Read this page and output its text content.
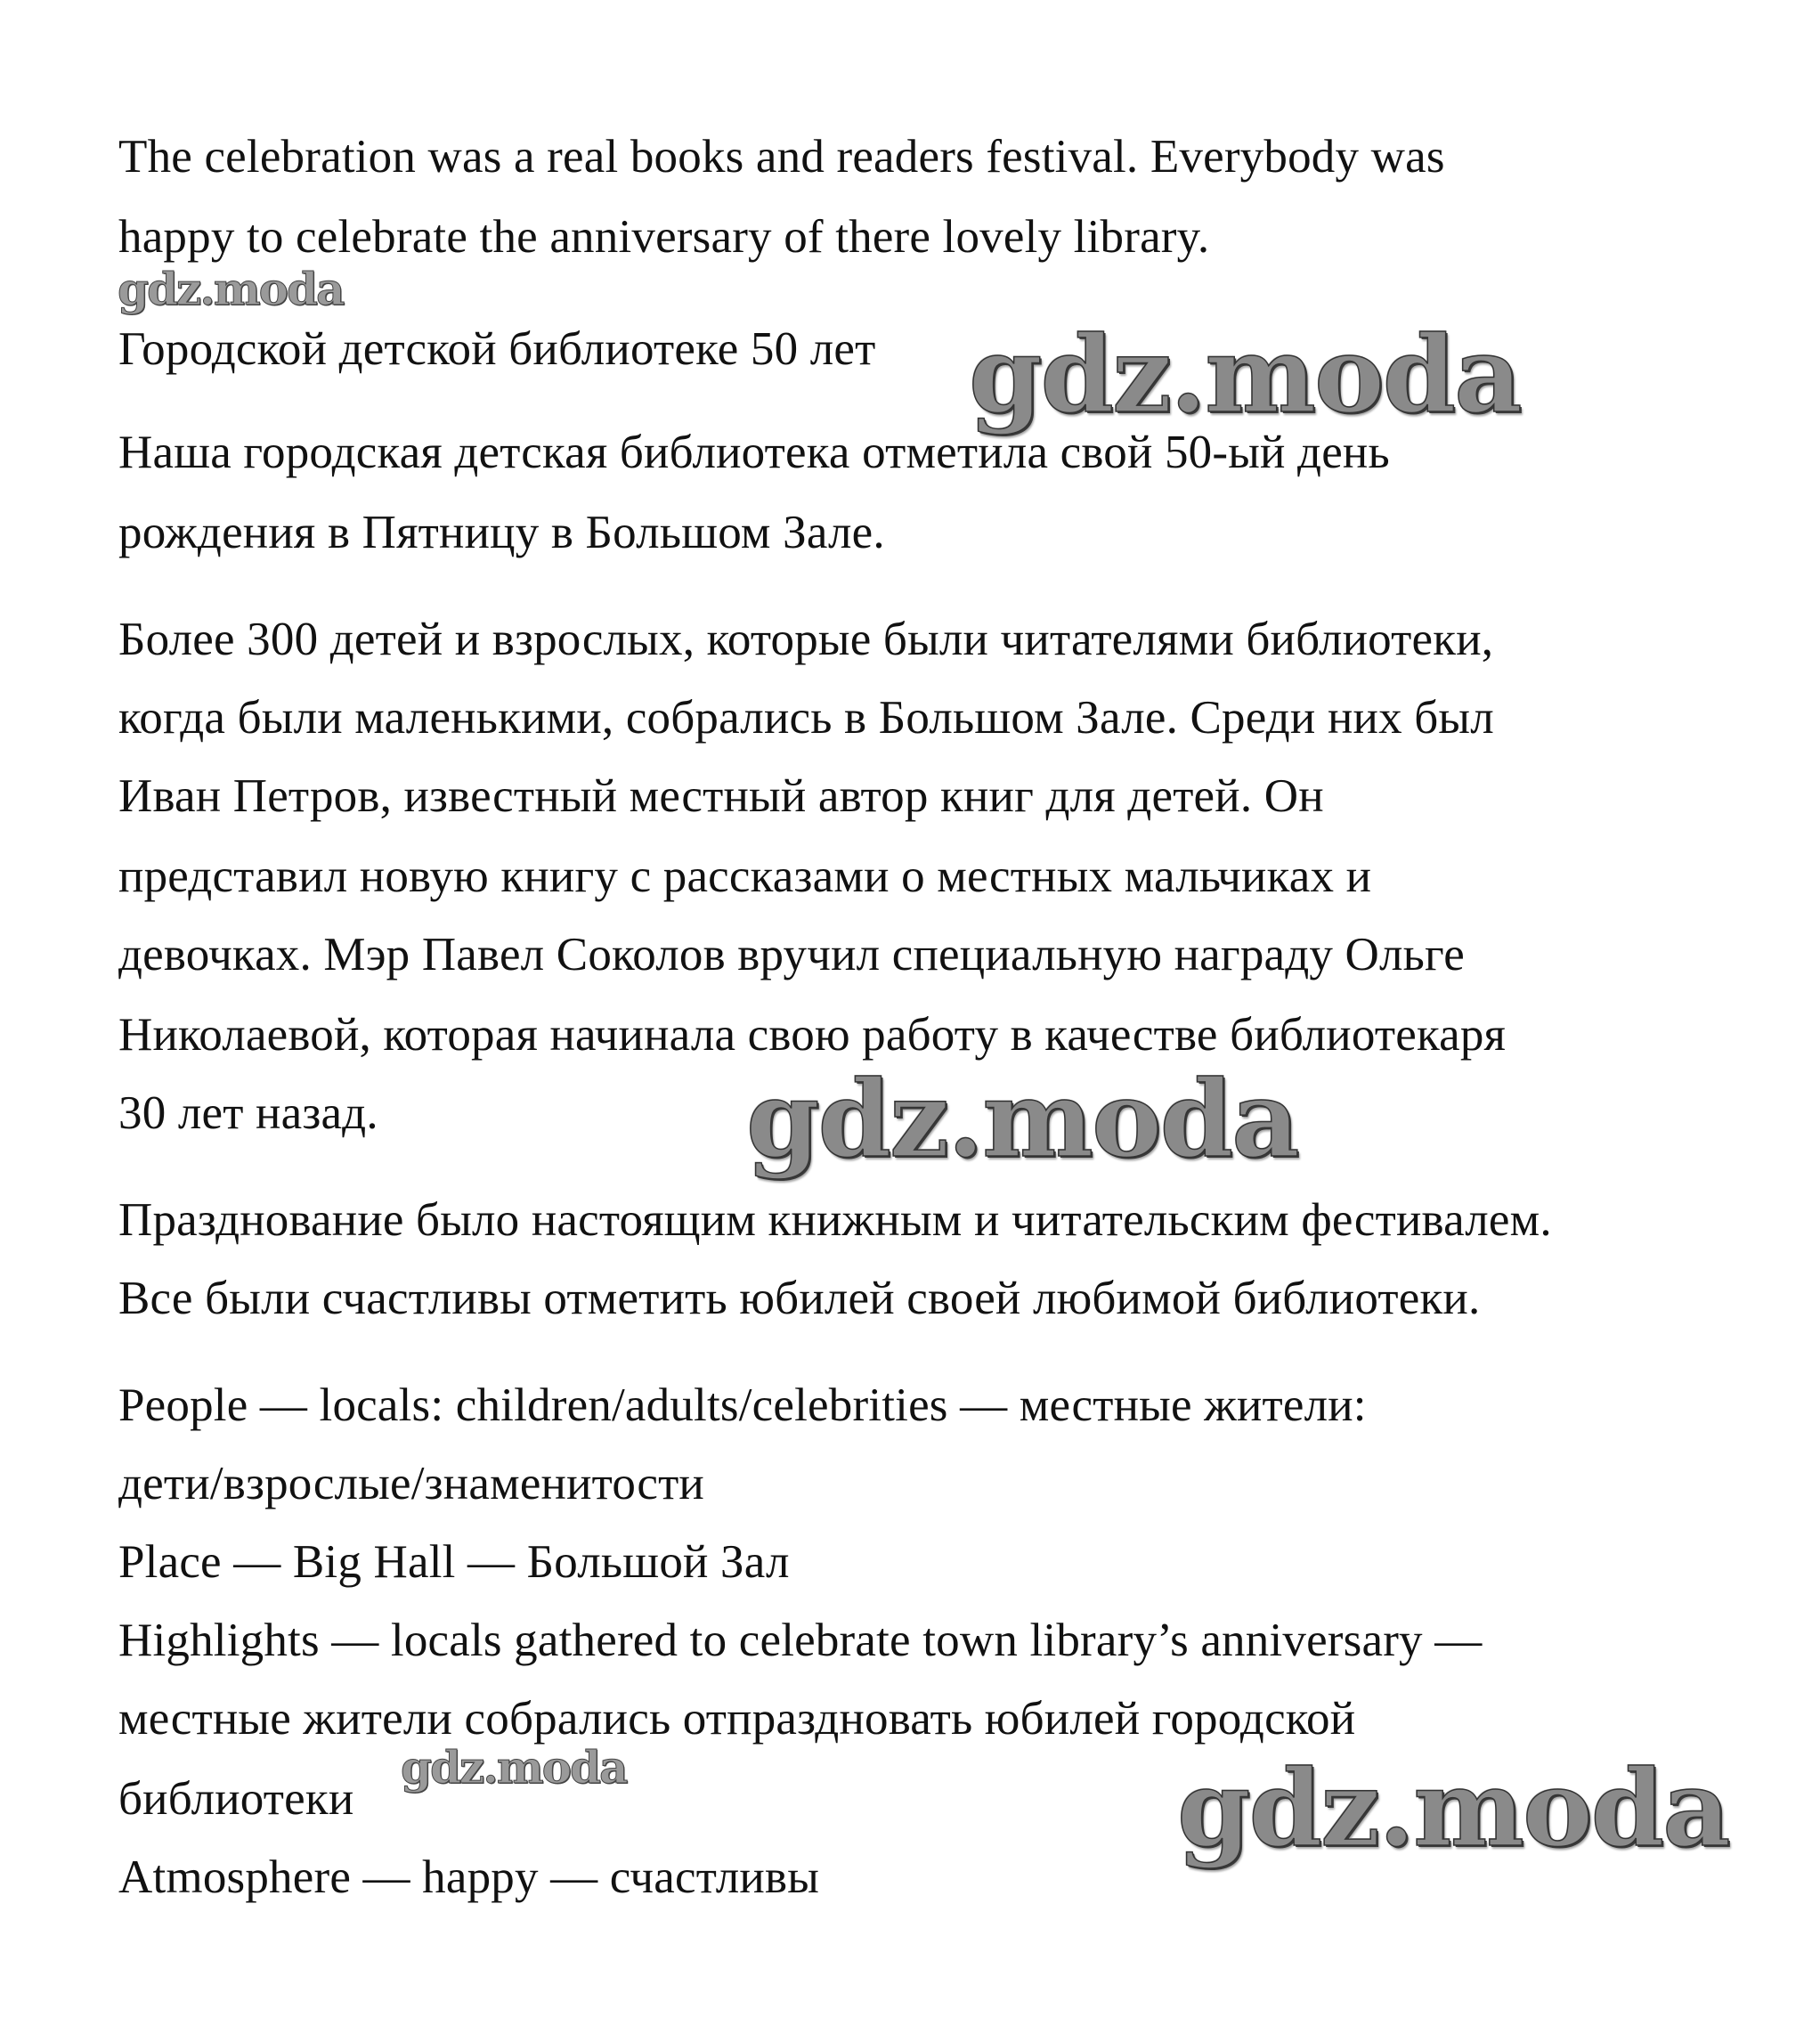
The celebration was a real books and readers festival. Everybody was
happy to celebrate the anniversary of there lovely library.
Городской детской библиотеке 50 лет
Наша городская детская библиотека отметила свой 50-ый день
рождения в Пятницу в Большом Зале.
Более 300 детей и взрослых, которые были читателями библиотеки,
когда были маленькими, собрались в Большом Зале. Среди них был
Иван Петров, известный местный автор книг для детей. Он
представил новую книгу с рассказами о местных мальчиках и
девочках. Мэр Павел Соколов вручил специальную награду Ольге
Николаевой, которая начинала свою работу в качестве библиотекаря
30 лет назад.
Празднование было настоящим книжным и читательским фестивалем.
Все были счастливы отметить юбилей своей любимой библиотеки.
People — locals: children/adults/celebrities — местные жители:
дети/взрослые/знаменитости
Place — Big Hall — Большой Зал
Highlights — locals gathered to celebrate town library’s anniversary —
местные жители собрались отпраздновать юбилей городской
библиотеки
Atmosphere — happy — счастливы
gdz.moda
gdz.moda
gdz.moda
gdz.moda	gdz.moda
